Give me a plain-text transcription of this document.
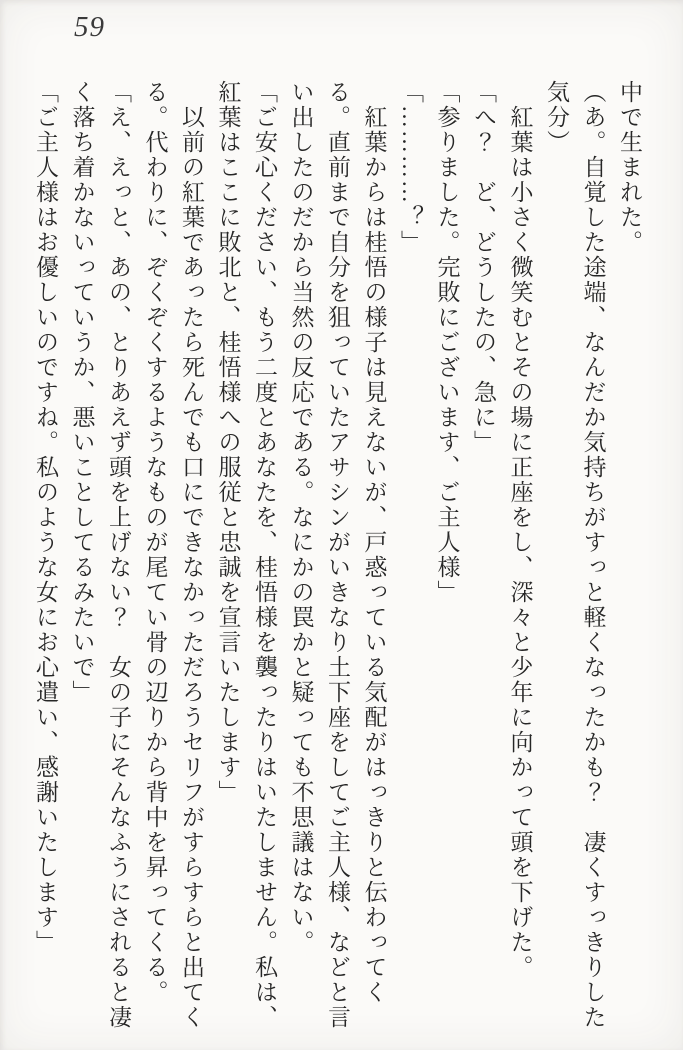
59

中で生まれた。

（あ。自覚した途端、なんだか気持ちがすっと軽くなったかも？　凄くすっきりした気分）

　紅葉は小さく微笑むとその場に正座をし、深々と少年に向かって頭を下げた。

「へ？　ど、どうしたの、急に」

「参りました。完敗にございます、ご主人様」

「…………？」

　紅葉からは桂悟の様子は見えないが、戸惑っている気配がはっきりと伝わってくる。直前まで自分を狙っていたアサシンがいきなり土下座をしてご主人様、などと言い出したのだから当然の反応である。なにかの罠かと疑っても不思議はない。

「ご安心ください、もう二度とあなたを、桂悟様を襲ったりはいたしません。私は、紅葉はここに敗北と、桂悟様への服従と忠誠を宣言いたします」

　以前の紅葉であったら死んでも口にできなかっただろうセリフがすらすらと出てくる。代わりに、ぞくぞくするようなものが尾てい骨の辺りから背中を昇ってくる。

「え、えっと、あの、とりあえず頭を上げない？　女の子にそんなふうにされると凄く落ち着かないっていうか、悪いことしてるみたいで」

「ご主人様はお優しいのですね。私のような女にお心遣い、感謝いたします」
